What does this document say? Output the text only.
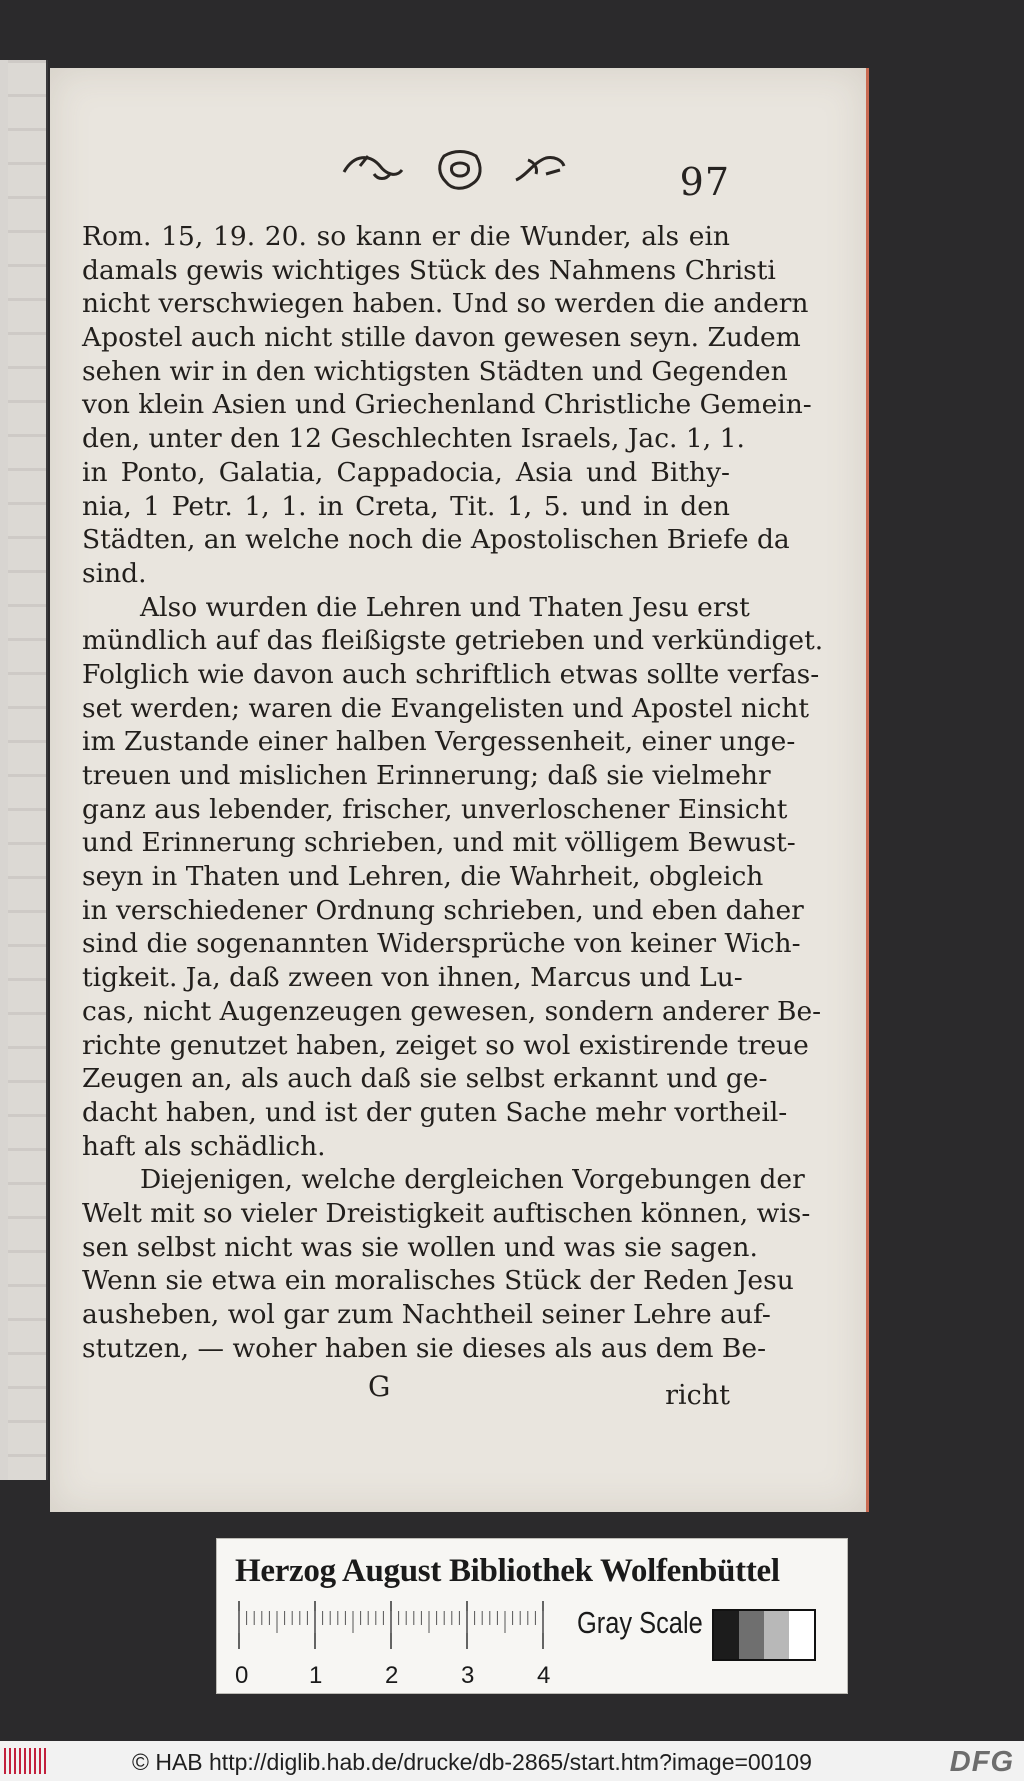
97
Rom. 15, 19. 20. so kann er die Wunder, als ein
damals gewis wichtiges Stück des Nahmens Christi
nicht verschwiegen haben. Und so werden die andern
Apostel auch nicht stille davon gewesen seyn. Zudem
sehen wir in den wichtigsten Städten und Gegenden
von klein Asien und Griechenland Christliche Gemein-
den, unter den 12 Geschlechten Israels, Jac. 1, 1.
in Ponto, Galatia, Cappadocia, Asia und Bithy-
nia, 1 Petr. 1, 1. in Creta, Tit. 1, 5. und in den
Städten, an welche noch die Apostolischen Briefe da
sind.
Also wurden die Lehren und Thaten Jesu erst
mündlich auf das fleißigste getrieben und verkündiget.
Folglich wie davon auch schriftlich etwas sollte verfas-
set werden; waren die Evangelisten und Apostel nicht
im Zustande einer halben Vergessenheit, einer unge-
treuen und mislichen Erinnerung; daß sie vielmehr
ganz aus lebender, frischer, unverloschener Einsicht
und Erinnerung schrieben, und mit völligem Bewust-
seyn in Thaten und Lehren, die Wahrheit, obgleich
in verschiedener Ordnung schrieben, und eben daher
sind die sogenannten Widersprüche von keiner Wich-
tigkeit. Ja, daß zween von ihnen, Marcus und Lu-
cas, nicht Augenzeugen gewesen, sondern anderer Be-
richte genutzet haben, zeiget so wol existirende treue
Zeugen an, als auch daß sie selbst erkannt und ge-
dacht haben, und ist der guten Sache mehr vortheil-
haft als schädlich.
Diejenigen, welche dergleichen Vorgebungen der
Welt mit so vieler Dreistigkeit auftischen können, wis-
sen selbst nicht was sie wollen und was sie sagen.
Wenn sie etwa ein moralisches Stück der Reden Jesu
ausheben, wol gar zum Nachtheil seiner Lehre auf-
stutzen, — woher haben sie dieses als aus dem Be-
G	richt
Herzog August Bibliothek Wolfenbüttel
0	1	2	3	4
Gray Scale
© HAB http://diglib.hab.de/drucke/db-2865/start.htm?image=00109	DFG
